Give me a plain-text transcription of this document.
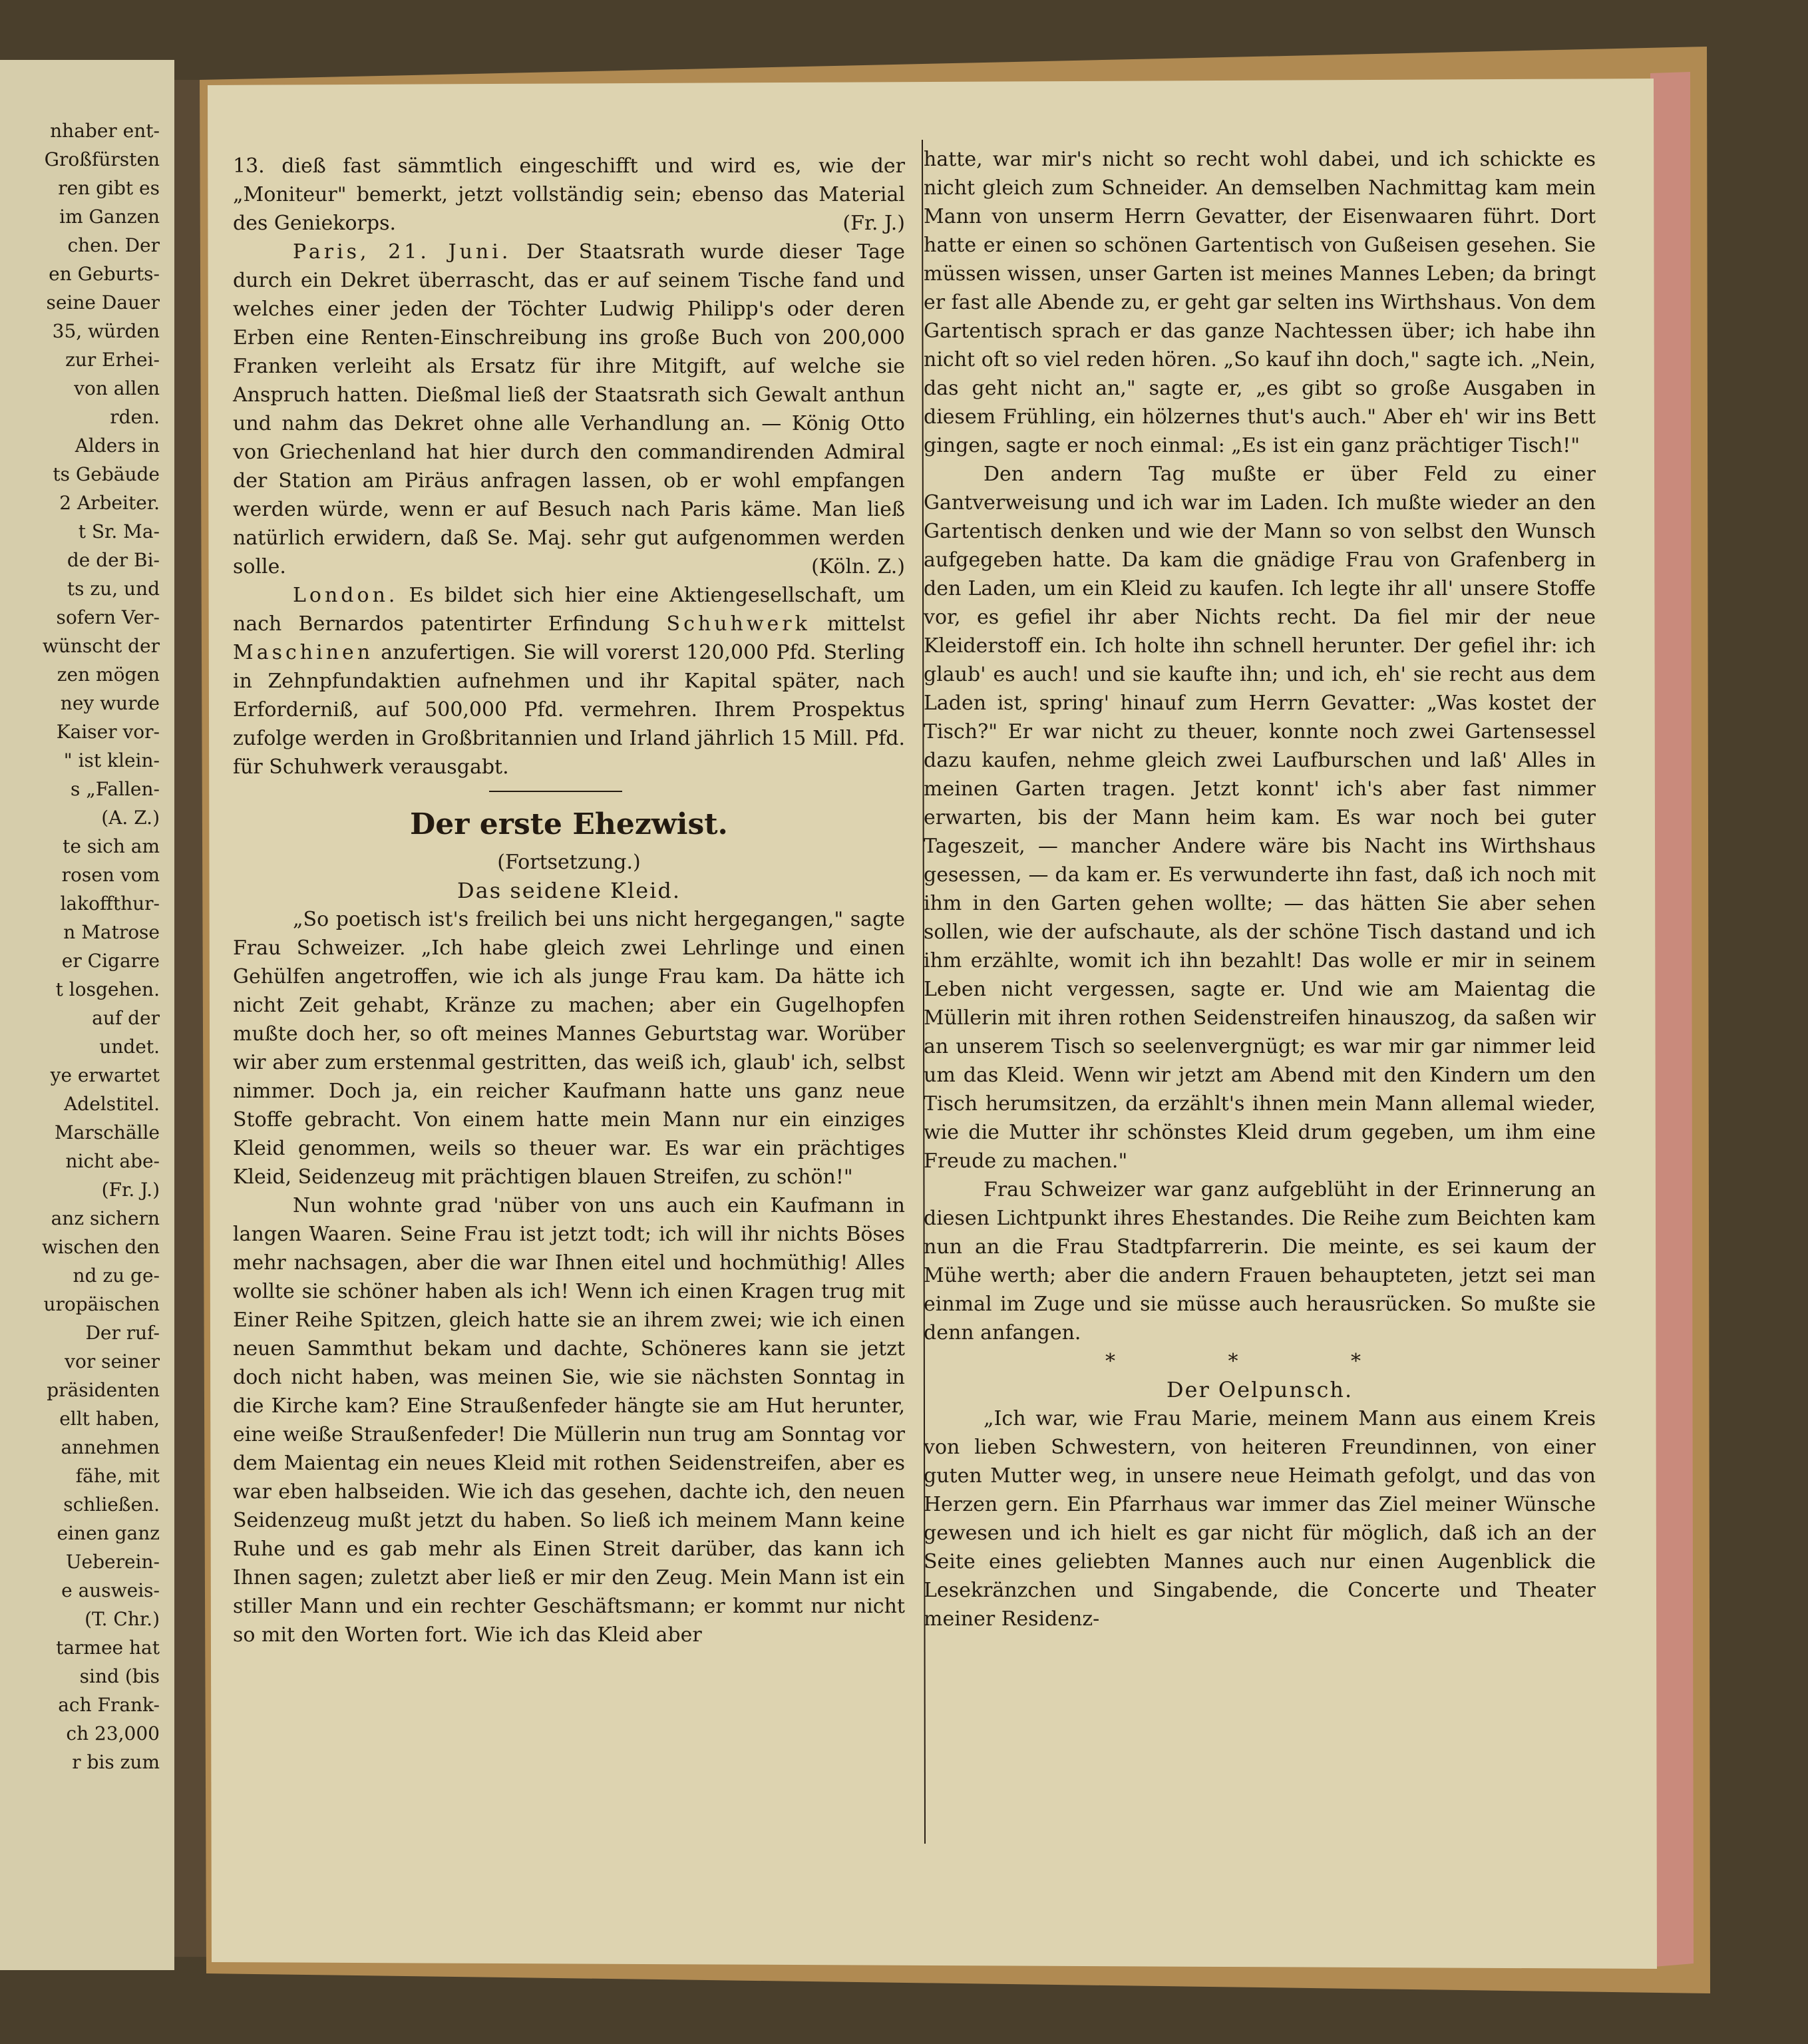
nhaber ent-
Großfürsten
ren gibt es
im Ganzen
chen. Der
en Geburts-
seine Dauer
35, würden
zur Erhei-
von allen
rden.
Alders in
ts Gebäude
2 Arbeiter.
t Sr. Ma-
de der Bi-
ts zu, und
sofern Ver-
wünscht der
zen mögen
ney wurde
Kaiser vor-
" ist klein-
s „Fallen-
(A. Z.)
te sich am
rosen vom
lakoffthur-
n Matrose
er Cigarre
t losgehen.
auf der
undet.
ye erwartet
Adelstitel.
Marschälle
nicht abe-
(Fr. J.)
anz sichern
wischen den
nd zu ge-
uropäischen
Der ruf-
vor seiner
präsidenten
ellt haben,
annehmen
fähe, mit
schließen.
einen ganz
Ueberein-
e ausweis-
(T. Chr.)
tarmee hat
sind (bis
ach Frank-
ch 23,000
r bis zum

13. dieß fast sämmtlich eingeschifft und wird es, wie der „Moniteur" bemerkt, jetzt vollständig sein; ebenso das Material des Geniekorps.	(Fr. J.)

Paris, 21. Juni. Der Staatsrath wurde dieser Tage durch ein Dekret überrascht, das er auf seinem Tische fand und welches einer jeden der Töchter Ludwig Philipp's oder deren Erben eine Renten-Einschreibung ins große Buch von 200,000 Franken verleiht als Ersatz für ihre Mitgift, auf welche sie Anspruch hatten. Dießmal ließ der Staatsrath sich Gewalt anthun und nahm das Dekret ohne alle Verhandlung an. — König Otto von Griechenland hat hier durch den commandirenden Admiral der Station am Piräus anfragen lassen, ob er wohl empfangen werden würde, wenn er auf Besuch nach Paris käme. Man ließ natürlich erwidern, daß Se. Maj. sehr gut aufgenommen werden solle.	(Köln. Z.)

London. Es bildet sich hier eine Aktiengesellschaft, um nach Bernardos patentirter Erfindung Schuhwerk mittelst Maschinen anzufertigen. Sie will vorerst 120,000 Pfd. Sterling in Zehnpfundaktien aufnehmen und ihr Kapital später, nach Erforderniß, auf 500,000 Pfd. vermehren. Ihrem Prospektus zufolge werden in Großbritannien und Irland jährlich 15 Mill. Pfd. für Schuhwerk verausgabt.

Der erste Ehezwist.

(Fortsetzung.)

Das seidene Kleid.

„So poetisch ist's freilich bei uns nicht hergegangen," sagte Frau Schweizer. „Ich habe gleich zwei Lehrlinge und einen Gehülfen angetroffen, wie ich als junge Frau kam. Da hätte ich nicht Zeit gehabt, Kränze zu machen; aber ein Gugelhopfen mußte doch her, so oft meines Mannes Geburtstag war. Worüber wir aber zum erstenmal gestritten, das weiß ich, glaub' ich, selbst nimmer. Doch ja, ein reicher Kaufmann hatte uns ganz neue Stoffe gebracht. Von einem hatte mein Mann nur ein einziges Kleid genommen, weils so theuer war. Es war ein prächtiges Kleid, Seidenzeug mit prächtigen blauen Streifen, zu schön!"

Nun wohnte grad 'nüber von uns auch ein Kaufmann in langen Waaren. Seine Frau ist jetzt todt; ich will ihr nichts Böses mehr nachsagen, aber die war Ihnen eitel und hochmüthig! Alles wollte sie schöner haben als ich! Wenn ich einen Kragen trug mit Einer Reihe Spitzen, gleich hatte sie an ihrem zwei; wie ich einen neuen Sammthut bekam und dachte, Schöneres kann sie jetzt doch nicht haben, was meinen Sie, wie sie nächsten Sonntag in die Kirche kam? Eine Straußenfeder hängte sie am Hut herunter, eine weiße Straußenfeder! Die Müllerin nun trug am Sonntag vor dem Maientag ein neues Kleid mit rothen Seidenstreifen, aber es war eben halbseiden. Wie ich das gesehen, dachte ich, den neuen Seidenzeug mußt jetzt du haben. So ließ ich meinem Mann keine Ruhe und es gab mehr als Einen Streit darüber, das kann ich Ihnen sagen; zuletzt aber ließ er mir den Zeug. Mein Mann ist ein stiller Mann und ein rechter Geschäftsmann; er kommt nur nicht so mit den Worten fort. Wie ich das Kleid aber

hatte, war mir's nicht so recht wohl dabei, und ich schickte es nicht gleich zum Schneider. An demselben Nachmittag kam mein Mann von unserm Herrn Gevatter, der Eisenwaaren führt. Dort hatte er einen so schönen Gartentisch von Gußeisen gesehen. Sie müssen wissen, unser Garten ist meines Mannes Leben; da bringt er fast alle Abende zu, er geht gar selten ins Wirthshaus. Von dem Gartentisch sprach er das ganze Nachtessen über; ich habe ihn nicht oft so viel reden hören. „So kauf ihn doch," sagte ich. „Nein, das geht nicht an," sagte er, „es gibt so große Ausgaben in diesem Frühling, ein hölzernes thut's auch." Aber eh' wir ins Bett gingen, sagte er noch einmal: „Es ist ein ganz prächtiger Tisch!"

Den andern Tag mußte er über Feld zu einer Gantverweisung und ich war im Laden. Ich mußte wieder an den Gartentisch denken und wie der Mann so von selbst den Wunsch aufgegeben hatte. Da kam die gnädige Frau von Grafenberg in den Laden, um ein Kleid zu kaufen. Ich legte ihr all' unsere Stoffe vor, es gefiel ihr aber Nichts recht. Da fiel mir der neue Kleiderstoff ein. Ich holte ihn schnell herunter. Der gefiel ihr: ich glaub' es auch! und sie kaufte ihn; und ich, eh' sie recht aus dem Laden ist, spring' hinauf zum Herrn Gevatter: „Was kostet der Tisch?" Er war nicht zu theuer, konnte noch zwei Gartensessel dazu kaufen, nehme gleich zwei Laufburschen und laß' Alles in meinen Garten tragen. Jetzt konnt' ich's aber fast nimmer erwarten, bis der Mann heim kam. Es war noch bei guter Tageszeit, — mancher Andere wäre bis Nacht ins Wirthshaus gesessen, — da kam er. Es verwunderte ihn fast, daß ich noch mit ihm in den Garten gehen wollte; — das hätten Sie aber sehen sollen, wie der aufschaute, als der schöne Tisch dastand und ich ihm erzählte, womit ich ihn bezahlt! Das wolle er mir in seinem Leben nicht vergessen, sagte er. Und wie am Maientag die Müllerin mit ihren rothen Seidenstreifen hinauszog, da saßen wir an unserem Tisch so seelenvergnügt; es war mir gar nimmer leid um das Kleid. Wenn wir jetzt am Abend mit den Kindern um den Tisch herumsitzen, da erzählt's ihnen mein Mann allemal wieder, wie die Mutter ihr schönstes Kleid drum gegeben, um ihm eine Freude zu machen."

Frau Schweizer war ganz aufgeblüht in der Erinnerung an diesen Lichtpunkt ihres Ehestandes. Die Reihe zum Beichten kam nun an die Frau Stadtpfarrerin. Die meinte, es sei kaum der Mühe werth; aber die andern Frauen behaupteten, jetzt sei man einmal im Zuge und sie müsse auch herausrücken. So mußte sie denn anfangen.

* * *

Der Oelpunsch.

„Ich war, wie Frau Marie, meinem Mann aus einem Kreis von lieben Schwestern, von heiteren Freundinnen, von einer guten Mutter weg, in unsere neue Heimath gefolgt, und das von Herzen gern. Ein Pfarrhaus war immer das Ziel meiner Wünsche gewesen und ich hielt es gar nicht für möglich, daß ich an der Seite eines geliebten Mannes auch nur einen Augenblick die Lesekränzchen und Singabende, die Concerte und Theater meiner Residenz-
